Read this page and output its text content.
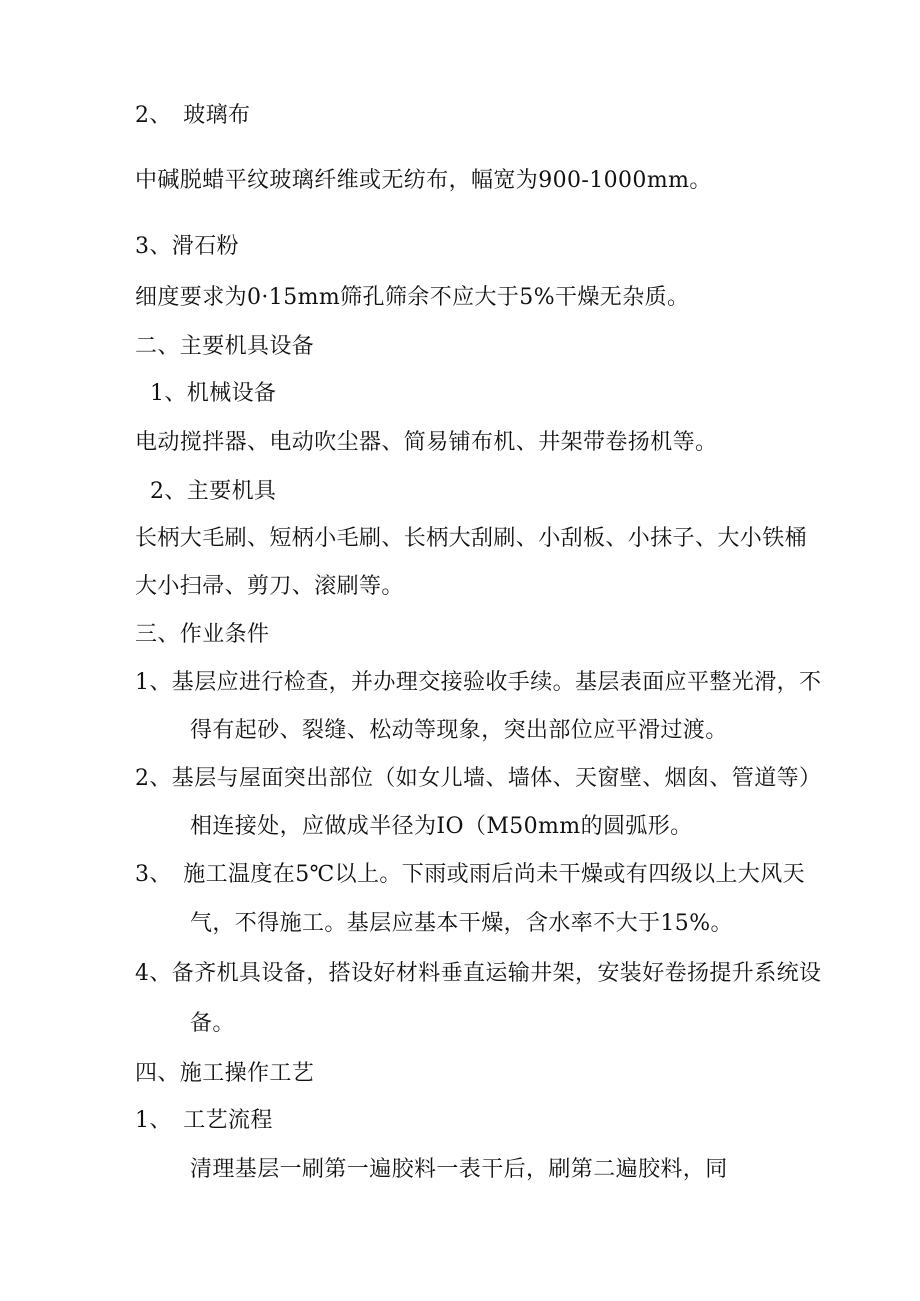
2、　玻璃布
中碱脱蜡平纹玻璃纤维或无纺布，幅宽为900-1000mm。
3、滑石粉
细度要求为0·15mm筛孔筛余不应大于5%干燥无杂质。
二、主要机具设备
1、机械设备
电动搅拌器、电动吹尘器、简易铺布机、井架带卷扬机等。
2、主要机具
长柄大毛刷、短柄小毛刷、长柄大刮刷、小刮板、小抹子、大小铁桶
大小扫帚、剪刀、滚刷等。
三、作业条件
1、基层应进行检查，并办理交接验收手续。基层表面应平整光滑，不
得有起砂、裂缝、松动等现象，突出部位应平滑过渡。
2、基层与屋面突出部位（如女儿墙、墙体、天窗壁、烟囱、管道等）
相连接处，应做成半径为IO（M50mm的圆弧形。
3、　施工温度在5℃以上。下雨或雨后尚未干燥或有四级以上大风天
气，不得施工。基层应基本干燥，含水率不大于15%。
4、备齐机具设备，搭设好材料垂直运输井架，安装好卷扬提升系统设
备。
四、施工操作工艺
1、　工艺流程
清理基层一刷第一遍胶料一表干后，刷第二遍胶料，同
